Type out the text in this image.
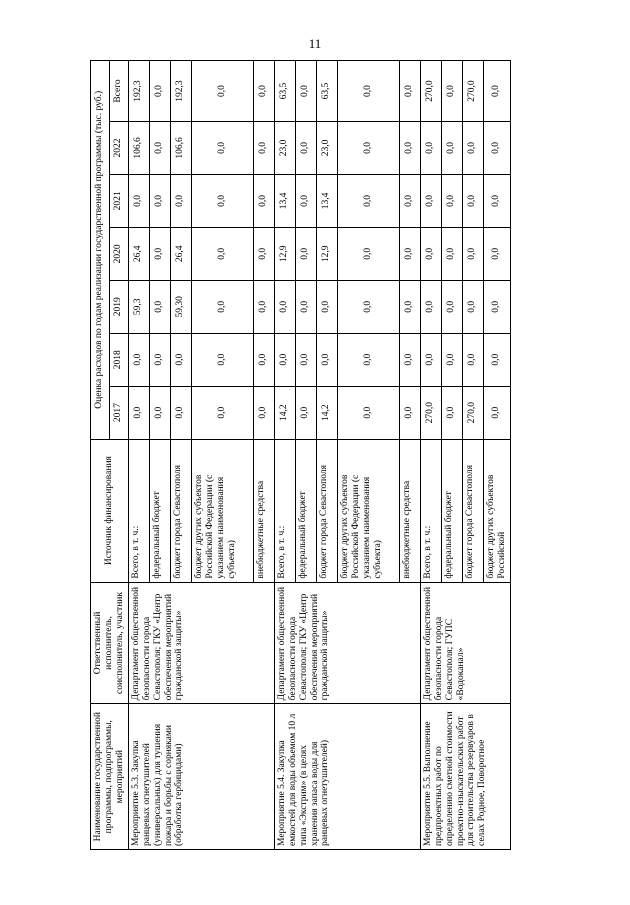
11
Наименование государственной программы, подпрограммы, мероприятий	Ответственный исполнитель, соисполнитель, участник	Источник финансирования	Оценка расходов по годам реализации государственной программы (тыс. руб.)						
			2017	2018	2019	2020	2021	2022	Всего
Мероприятие 5.3. Закупка ранцевых огнетушителей (универсальных) для тушения пожара и борьбы с сорняками (обработка гербицидами)	Департамент общественной безопасности города Севастополя; ГКУ «Центр обеспечения мероприятий гражданской защиты»	Всего, в т. ч.:	0,0	0,0	59,3	26,4	0,0	106,6	192,3
		федеральный бюджет	0,0	0,0	0,0	0,0	0,0	0,0	0,0
		бюджет города Севастополя	0,0	0,0	59,30	26,4	0,0	106,6	192,3
		бюджет других субъектов Российской Федерации (с указанием наименования субъекта)	0,0	0,0	0,0	0,0	0,0	0,0	0,0
		внебюджетные средства	0,0	0,0	0,0	0,0	0,0	0,0	0,0
Мероприятие 5.4. Закупка емкостей для воды объемом 10 л типа «Экстрим» (в целях хранения запаса воды для ранцевых огнетушителей)	Департамент общественной безопасности города Севастополя; ГКУ «Центр обеспечения мероприятий гражданской защиты»	Всего, в т. ч.:	14,2	0,0	0,0	12,9	13,4	23,0	63,5
		федеральный бюджет	0,0	0,0	0,0	0,0	0,0	0,0	0,0
		бюджет города Севастополя	14,2	0,0	0,0	12,9	13,4	23,0	63,5
		бюджет других субъектов Российской Федерации (с указанием наименования субъекта)	0,0	0,0	0,0	0,0	0,0	0,0	0,0
		внебюджетные средства	0,0	0,0	0,0	0,0	0,0	0,0	0,0
Мероприятие 5.5. Выполнение предпроектных работ по определению сметной стоимости проектно-изыскательских работ для строительства резервуаров в селах Родное, Поворотное	Департамент общественной безопасности города Севастополя; ГУПС «Водоканал»	Всего, в т. ч.:	270,0	0,0	0,0	0,0	0,0	0,0	270,0
		федеральный бюджет	0,0	0,0	0,0	0,0	0,0	0,0	0,0
		бюджет города Севастополя	270,0	0,0	0,0	0,0	0,0	0,0	270,0
		бюджет других субъектов Российской	0,0	0,0	0,0	0,0	0,0	0,0	0,0
